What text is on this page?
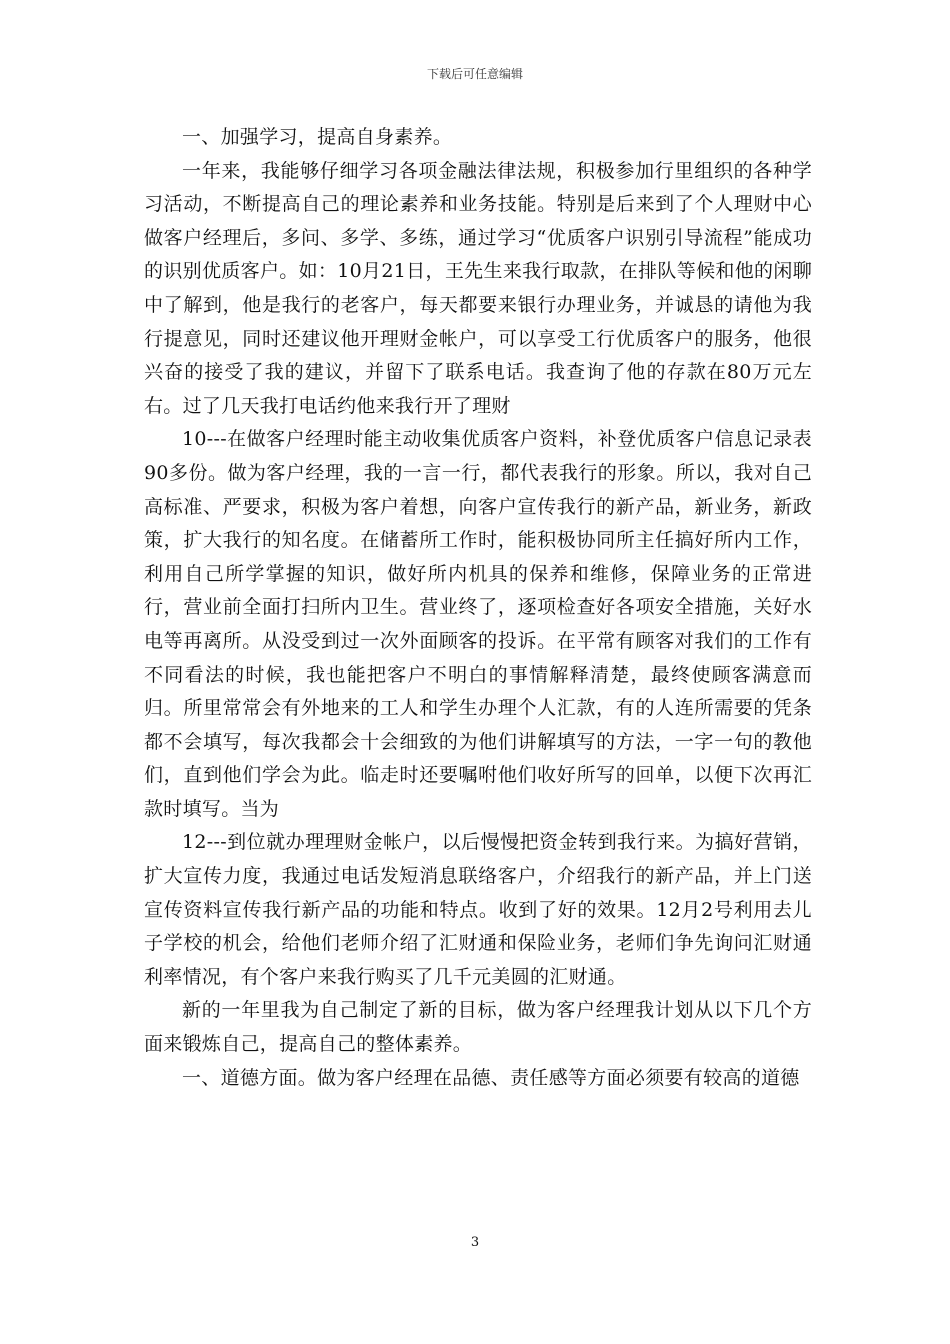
下载后可任意编辑

一、加强学习，提高自身素养。

一年来，我能够仔细学习各项金融法律法规，积极参加行里组织的各种学习活动，不断提高自己的理论素养和业务技能。特别是后来到了个人理财中心做客户经理后，多问、多学、多练，通过学习“优质客户识别引导流程”能成功的识别优质客户。如：10月21日，王先生来我行取款，在排队等候和他的闲聊中了解到，他是我行的老客户，每天都要来银行办理业务，并诚恳的请他为我行提意见，同时还建议他开理财金帐户，可以享受工行优质客户的服务，他很兴奋的接受了我的建议，并留下了联系电话。我查询了他的存款在80万元左右。过了几天我打电话约他来我行开了理财

10---在做客户经理时能主动收集优质客户资料，补登优质客户信息记录表90多份。做为客户经理，我的一言一行，都代表我行的形象。所以，我对自己高标准、严要求，积极为客户着想，向客户宣传我行的新产品，新业务，新政策，扩大我行的知名度。在储蓄所工作时，能积极协同所主任搞好所内工作，利用自己所学掌握的知识，做好所内机具的保养和维修，保障业务的正常进行，营业前全面打扫所内卫生。营业终了，逐项检查好各项安全措施，关好水电等再离所。从没受到过一次外面顾客的投诉。在平常有顾客对我们的工作有不同看法的时候，我也能把客户不明白的事情解释清楚，最终使顾客满意而归。所里常常会有外地来的工人和学生办理个人汇款，有的人连所需要的凭条都不会填写，每次我都会十会细致的为他们讲解填写的方法，一字一句的教他们，直到他们学会为此。临走时还要嘱咐他们收好所写的回单，以便下次再汇款时填写。当为

12---到位就办理理财金帐户，以后慢慢把资金转到我行来。为搞好营销，扩大宣传力度，我通过电话发短消息联络客户，介绍我行的新产品，并上门送宣传资料宣传我行新产品的功能和特点。收到了好的效果。12月2号利用去儿子学校的机会，给他们老师介绍了汇财通和保险业务，老师们争先询问汇财通利率情况，有个客户来我行购买了几千元美圆的汇财通。

新的一年里我为自己制定了新的目标，做为客户经理我计划从以下几个方面来锻炼自己，提高自己的整体素养。

一、道德方面。做为客户经理在品德、责任感等方面必须要有较高的道德

3
